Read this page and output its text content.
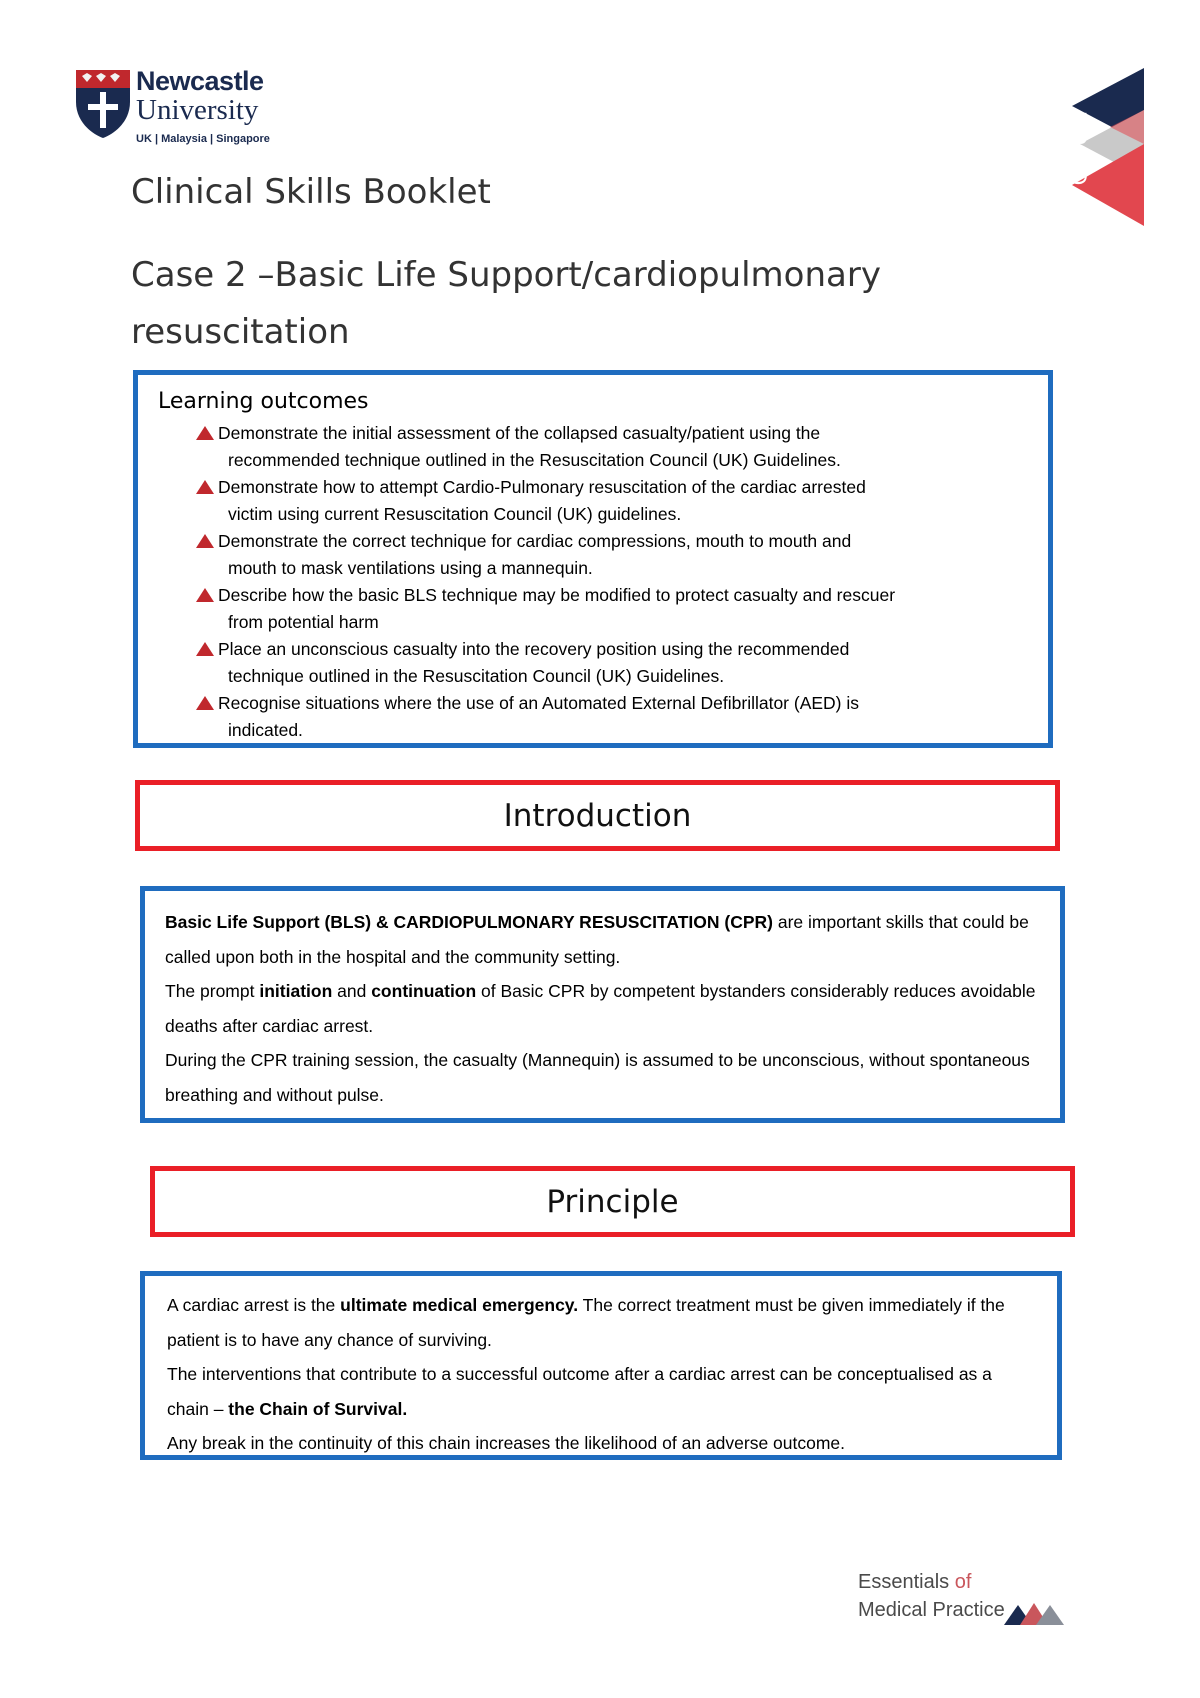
Newcastle
University
UK | Malaysia | Singapore	Case 2
Clinical Skills Booklet
Case 2 –Basic Life Support/cardiopulmonary resuscitation
Learning outcomes
Demonstrate the initial assessment of the collapsed casualty/patient using the
recommended technique outlined in the Resuscitation Council (UK) Guidelines.
Demonstrate how to attempt Cardio-Pulmonary resuscitation of the cardiac arrested
victim using current Resuscitation Council (UK) guidelines.
Demonstrate the correct technique for cardiac compressions, mouth to mouth and
mouth to mask ventilations using a mannequin.
Describe how the basic BLS technique may be modified to protect casualty and rescuer
from potential harm
Place an unconscious casualty into the recovery position using the recommended
technique outlined in the Resuscitation Council (UK) Guidelines.
Recognise situations where the use of an Automated External Defibrillator (AED) is
indicated.
Introduction

Basic Life Support (BLS) & CARDIOPULMONARY RESUSCITATION (CPR) are important skills that could be called upon both in the hospital and the community setting.

The prompt initiation and continuation of Basic CPR by competent bystanders considerably reduces avoidable deaths after cardiac arrest.

During the CPR training session, the casualty (Mannequin) is assumed to be unconscious, without spontaneous breathing and without pulse.

Principle

A cardiac arrest is the ultimate medical emergency. The correct treatment must be given immediately if the patient is to have any chance of surviving.

The interventions that contribute to a successful outcome after a cardiac arrest can be conceptualised as a chain – the Chain of Survival.

Any break in the continuity of this chain increases the likelihood of an adverse outcome.

Essentials of
Medical Practice
